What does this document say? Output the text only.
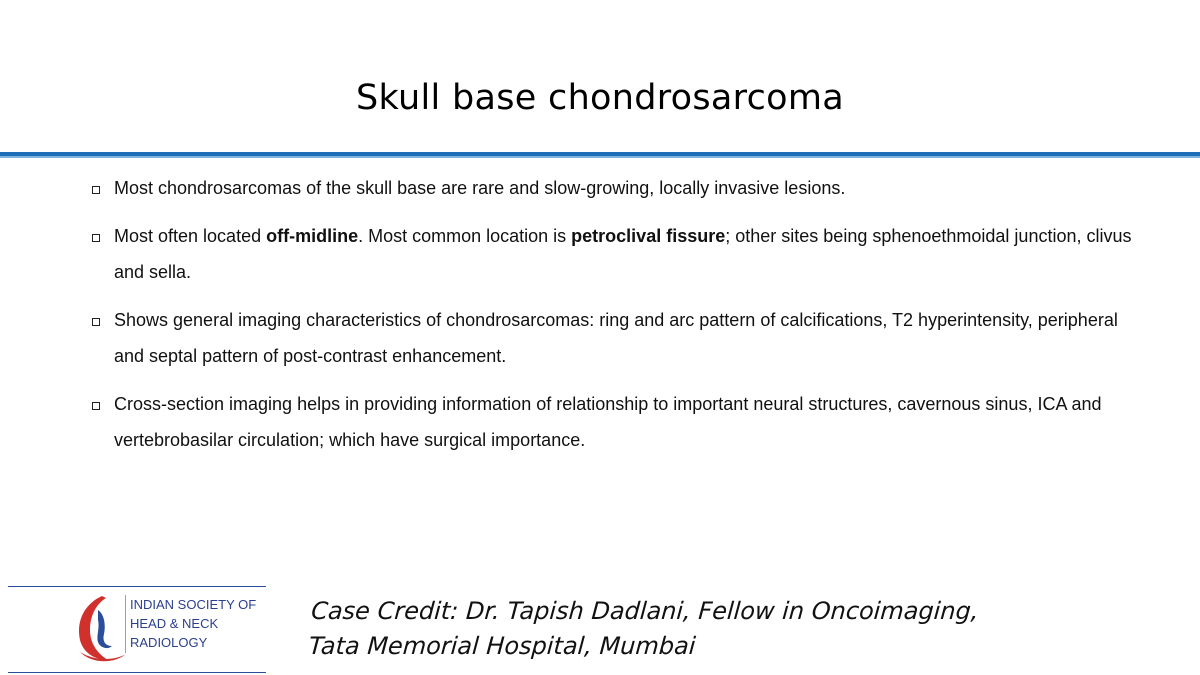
Skull base chondrosarcoma
Most chondrosarcomas of the skull base are rare and slow-growing, locally invasive lesions.
Most often located off-midline. Most common location is petroclival fissure; other sites being sphenoethmoidal junction, clivus and sella.
Shows general imaging characteristics of chondrosarcomas: ring and arc pattern of calcifications, T2 hyperintensity, peripheral and septal pattern of post-contrast enhancement.
Cross-section imaging helps in providing information of relationship to important neural structures, cavernous sinus, ICA and vertebrobasilar circulation; which have surgical importance.
INDIAN SOCIETY OF
HEAD & NECK
RADIOLOGY
Case Credit: Dr. Tapish Dadlani, Fellow in Oncoimaging,
Tata Memorial Hospital, Mumbai
